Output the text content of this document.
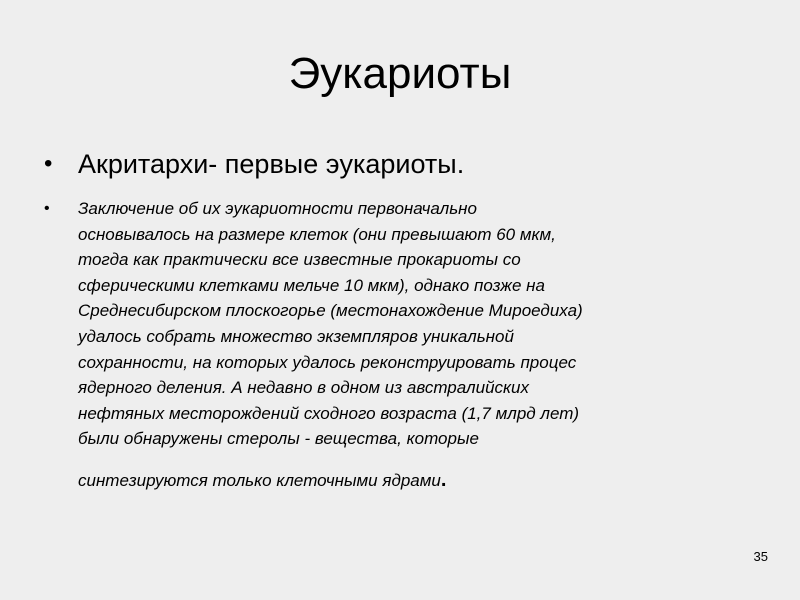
Эукариоты
• Акритархи- первые эукариоты.
•	Заключение об их эукариотности первоначально
основывалось на размере клеток (они превышают 60 мкм,
тогда как практически все известные прокариоты со
сферическими клетками мельче 10 мкм), однако позже на
Среднесибирском плоскогорье (местонахождение Мироедиха)
удалось собрать множество экземпляров уникальной
сохранности, на которых удалось реконструировать процес
ядерного деления. А недавно в одном из австралийских
нефтяных месторождений сходного возраста (1,7 млрд лет)
были обнаружены стеролы - вещества, которые
синтезируются только клеточными ядрами.
35
